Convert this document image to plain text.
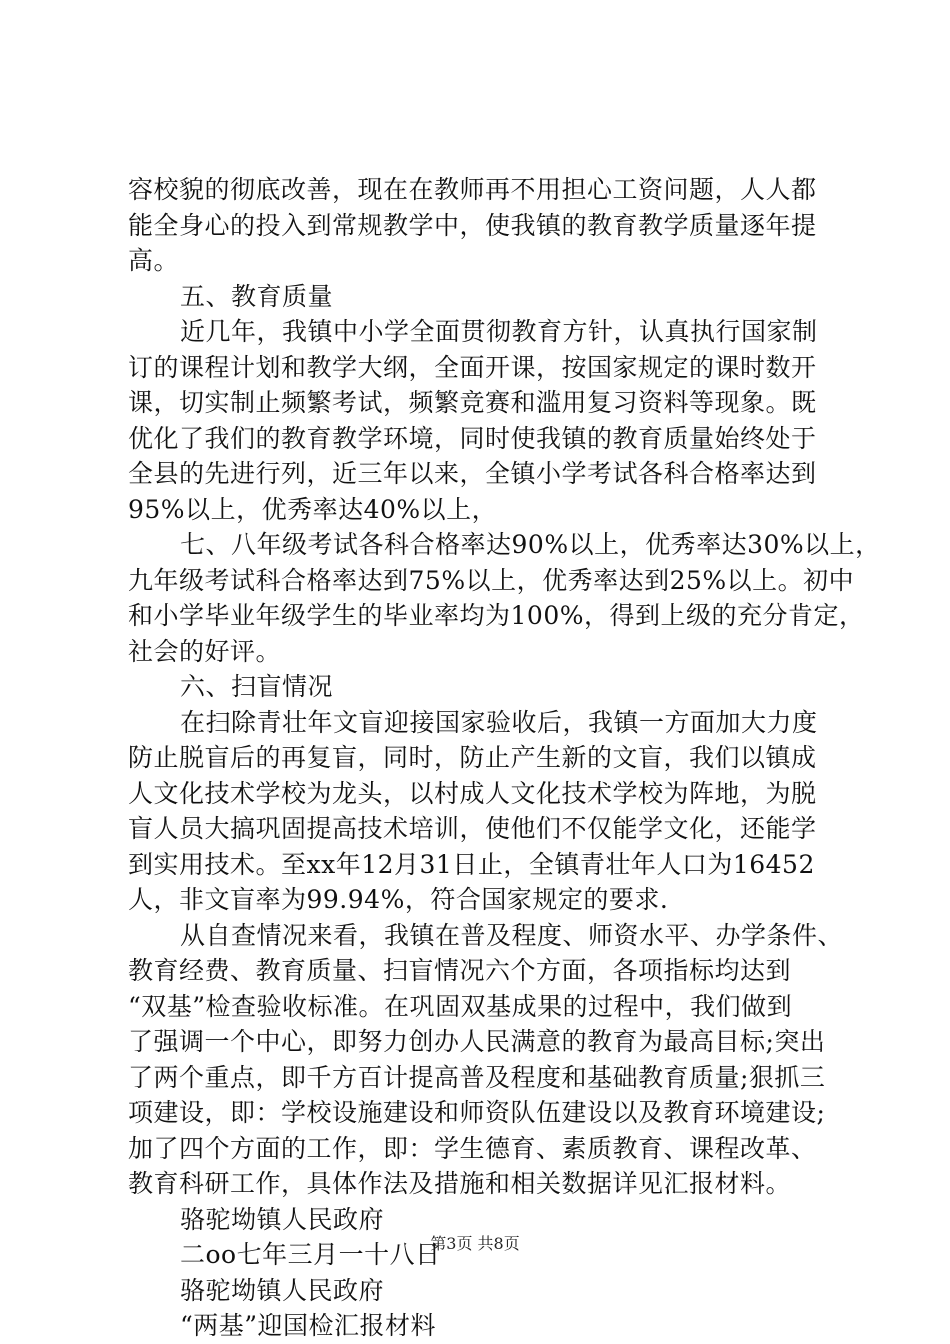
容校貌的彻底改善，现在在教师再不用担心工资问题，人人都
能全身心的投入到常规教学中，使我镇的教育教学质量逐年提
高。
五、教育质量
近几年，我镇中小学全面贯彻教育方针，认真执行国家制
订的课程计划和教学大纲，全面开课，按国家规定的课时数开
课，切实制止频繁考试，频繁竞赛和滥用复习资料等现象。既
优化了我们的教育教学环境，同时使我镇的教育质量始终处于
全县的先进行列，近三年以来，全镇小学考试各科合格率达到
95%以上，优秀率达40%以上，
七、八年级考试各科合格率达90%以上，优秀率达30%以上，
九年级考试科合格率达到75%以上，优秀率达到25%以上。初中
和小学毕业年级学生的毕业率均为100%，得到上级的充分肯定，
社会的好评。
六、扫盲情况
在扫除青壮年文盲迎接国家验收后，我镇一方面加大力度
防止脱盲后的再复盲，同时，防止产生新的文盲，我们以镇成
人文化技术学校为龙头，以村成人文化技术学校为阵地，为脱
盲人员大搞巩固提高技术培训，使他们不仅能学文化，还能学
到实用技术。至xx年12月31日止，全镇青壮年人口为16452
人，非文盲率为99.94%，符合国家规定的要求.
从自查情况来看，我镇在普及程度、师资水平、办学条件、
教育经费、教育质量、扫盲情况六个方面，各项指标均达到
“双基”检查验收标准。在巩固双基成果的过程中，我们做到
了强调一个中心，即努力创办人民满意的教育为最高目标;突出
了两个重点，即千方百计提高普及程度和基础教育质量;狠抓三
项建设，即：学校设施建设和师资队伍建设以及教育环境建设;
加了四个方面的工作，即：学生德育、素质教育、课程改革、
教育科研工作，具体作法及措施和相关数据详见汇报材料。
骆驼坳镇人民政府
二oo七年三月一十八日
骆驼坳镇人民政府
“两基”迎国检汇报材料
第3页 共8页
